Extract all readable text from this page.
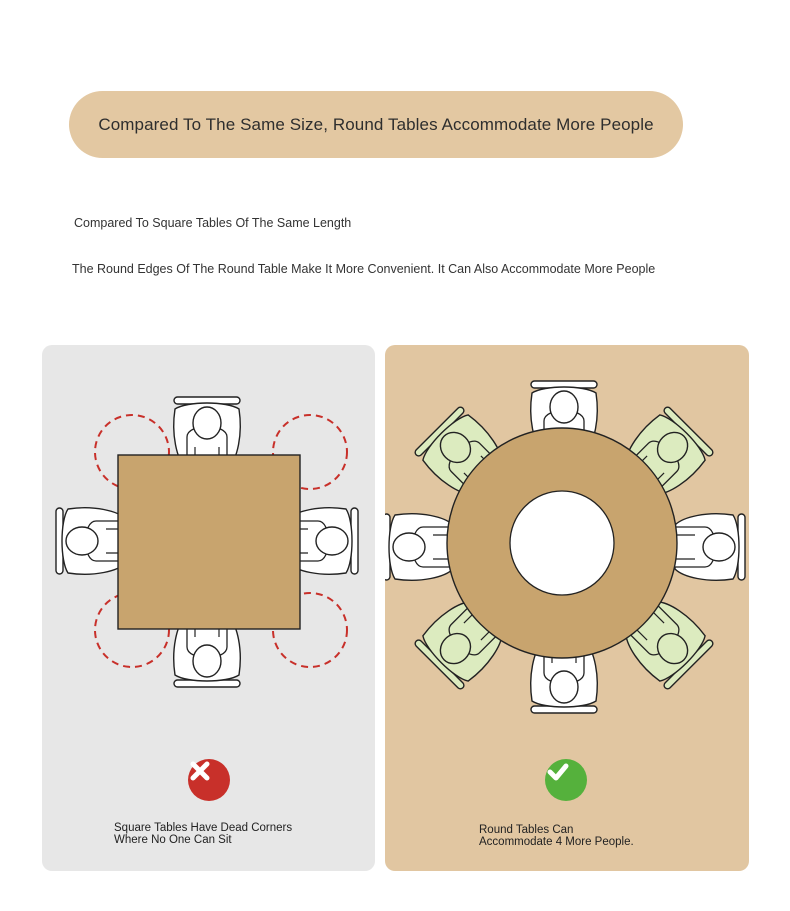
Compared To The Same Size, Round Tables Accommodate More People
Compared To Square Tables Of The Same Length
The Round Edges Of The Round Table Make It More Convenient. It Can Also Accommodate More People
Square Tables Have Dead Corners
Where No One Can Sit
Round Tables Can
Accommodate 4 More People.
